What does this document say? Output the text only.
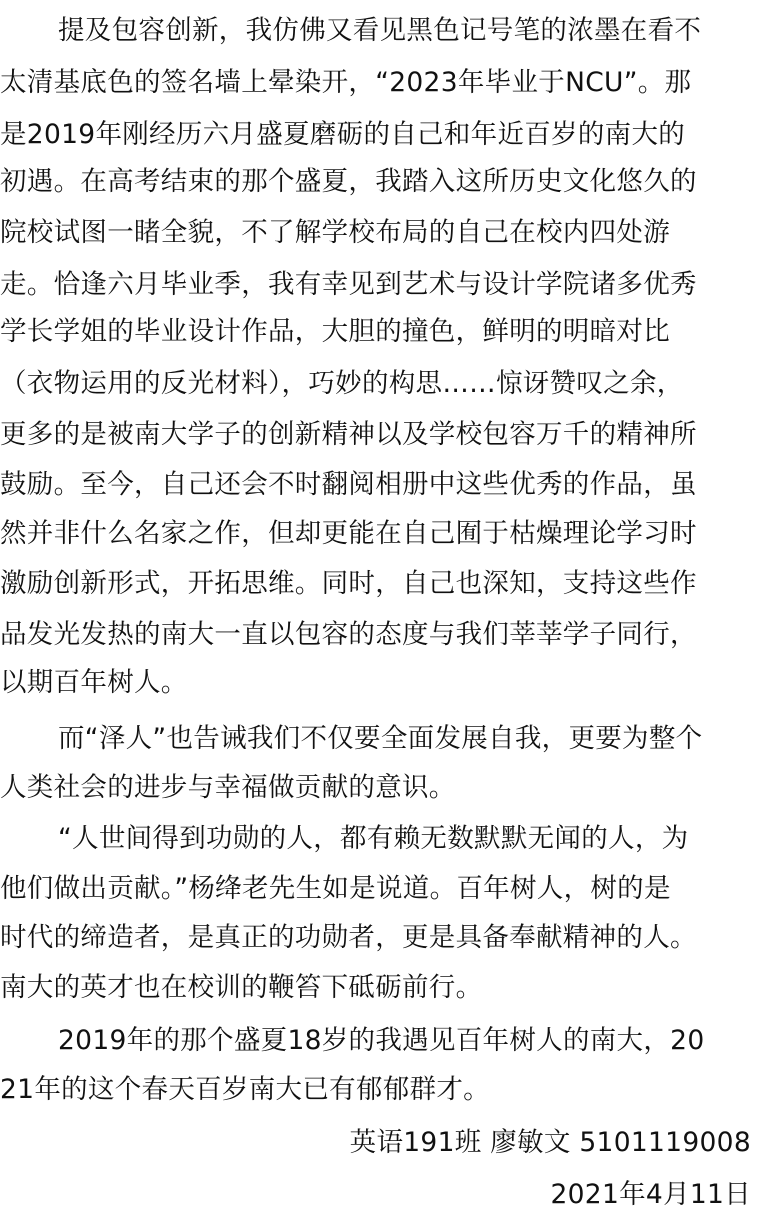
提及包容创新，我仿佛又看见黑色记号笔的浓墨在看不
太清基底色的签名墙上晕染开，“2023年毕业于NCU”。那
是2019年刚经历六月盛夏磨砺的自己和年近百岁的南大的
初遇。在高考结束的那个盛夏，我踏入这所历史文化悠久的
院校试图一睹全貌，不了解学校布局的自己在校内四处游
走。恰逢六月毕业季，我有幸见到艺术与设计学院诸多优秀
学长学姐的毕业设计作品，大胆的撞色，鲜明的明暗对比
（衣物运用的反光材料），巧妙的构思……惊讶赞叹之余，
更多的是被南大学子的创新精神以及学校包容万千的精神所
鼓励。至今，自己还会不时翻阅相册中这些优秀的作品，虽
然并非什么名家之作，但却更能在自己囿于枯燥理论学习时
激励创新形式，开拓思维。同时，自己也深知，支持这些作
品发光发热的南大一直以包容的态度与我们莘莘学子同行，
以期百年树人。
而“泽人”也告诫我们不仅要全面发展自我，更要为整个
人类社会的进步与幸福做贡献的意识。
“人世间得到功勋的人，都有赖无数默默无闻的人，为
他们做出贡献。”杨绛老先生如是说道。百年树人，树的是
时代的缔造者，是真正的功勋者，更是具备奉献精神的人。
南大的英才也在校训的鞭笞下砥砺前行。
2019年的那个盛夏18岁的我遇见百年树人的南大，20
21年的这个春天百岁南大已有郁郁群才。
英语191班 廖敏文 5101119008
2021年4月11日
